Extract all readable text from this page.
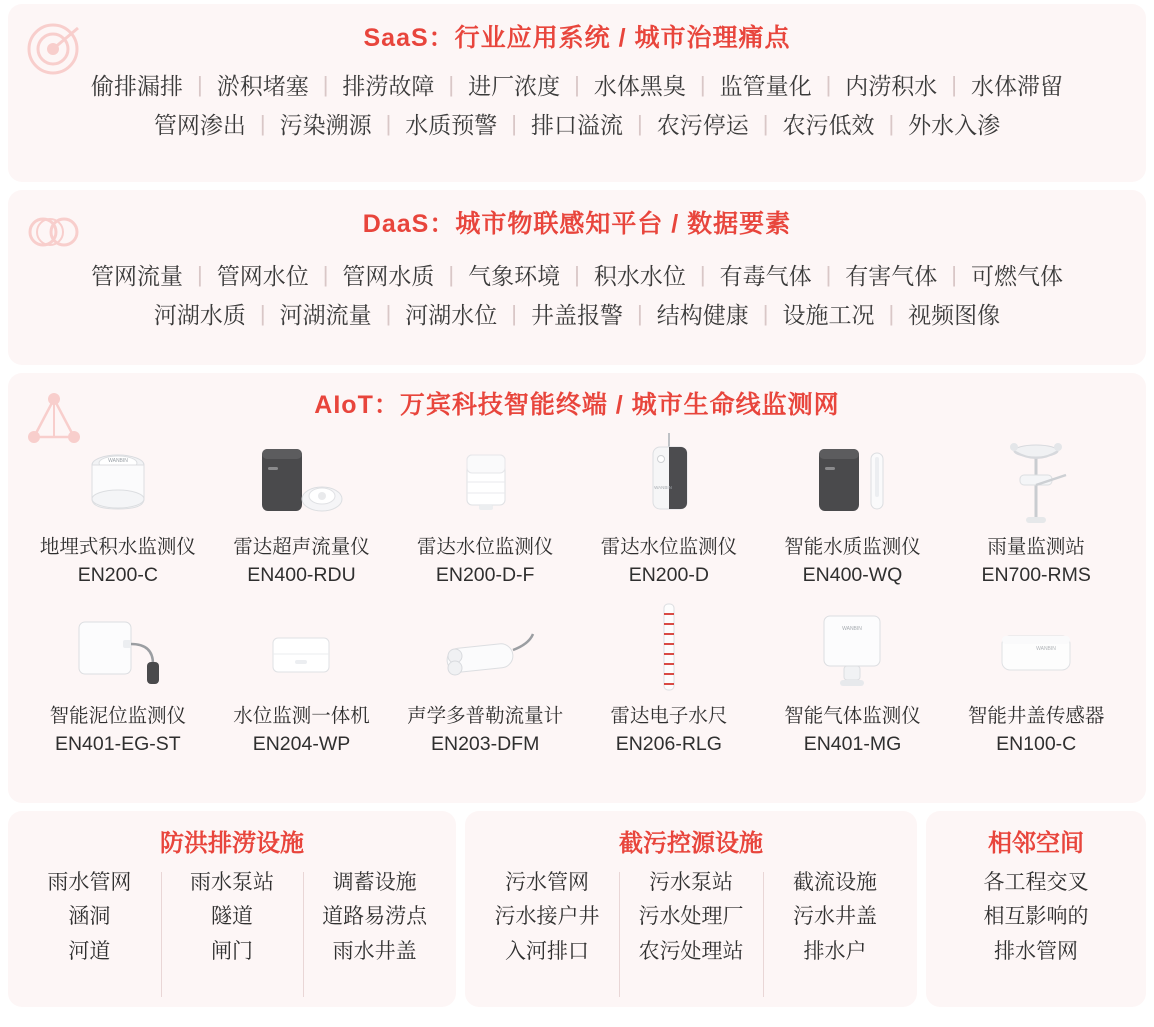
SaaS：行业应用系统 / 城市治理痛点
偷排漏排 | 淤积堵塞 | 排涝故障 | 进厂浓度 | 水体黑臭 | 监管量化 | 内涝积水 | 水体滞留
管网渗出 | 污染溯源 | 水质预警 | 排口溢流 | 农污停运 | 农污低效 | 外水入渗
DaaS：城市物联感知平台 / 数据要素
管网流量 | 管网水位 | 管网水质 | 气象环境 | 积水水位 | 有毒气体 | 有害气体 | 可燃气体
河湖水质 | 河湖流量 | 河湖水位 | 井盖报警 | 结构健康 | 设施工况 | 视频图像
AIoT：万宾科技智能终端 / 城市生命线监测网
WANBIN
地埋式积水监测仪
EN200-C
雷达超声流量仪
EN400-RDU
雷达水位监测仪
EN200-D-F
WANBIN
雷达水位监测仪
EN200-D
智能水质监测仪
EN400-WQ
雨量监测站
EN700-RMS
智能泥位监测仪
EN401-EG-ST
水位监测一体机
EN204-WP
声学多普勒流量计
EN203-DFM
雷达电子水尺
EN206-RLG
WANBIN
智能气体监测仪
EN401-MG
WANBIN
智能井盖传感器
EN100-C
防洪排涝设施
雨水管网
涵洞
河道
雨水泵站
隧道
闸门
调蓄设施
道路易涝点
雨水井盖
截污控源设施
污水管网
污水接户井
入河排口
污水泵站
污水处理厂
农污处理站
截流设施
污水井盖
排水户
相邻空间
各工程交叉
相互影响的
排水管网
